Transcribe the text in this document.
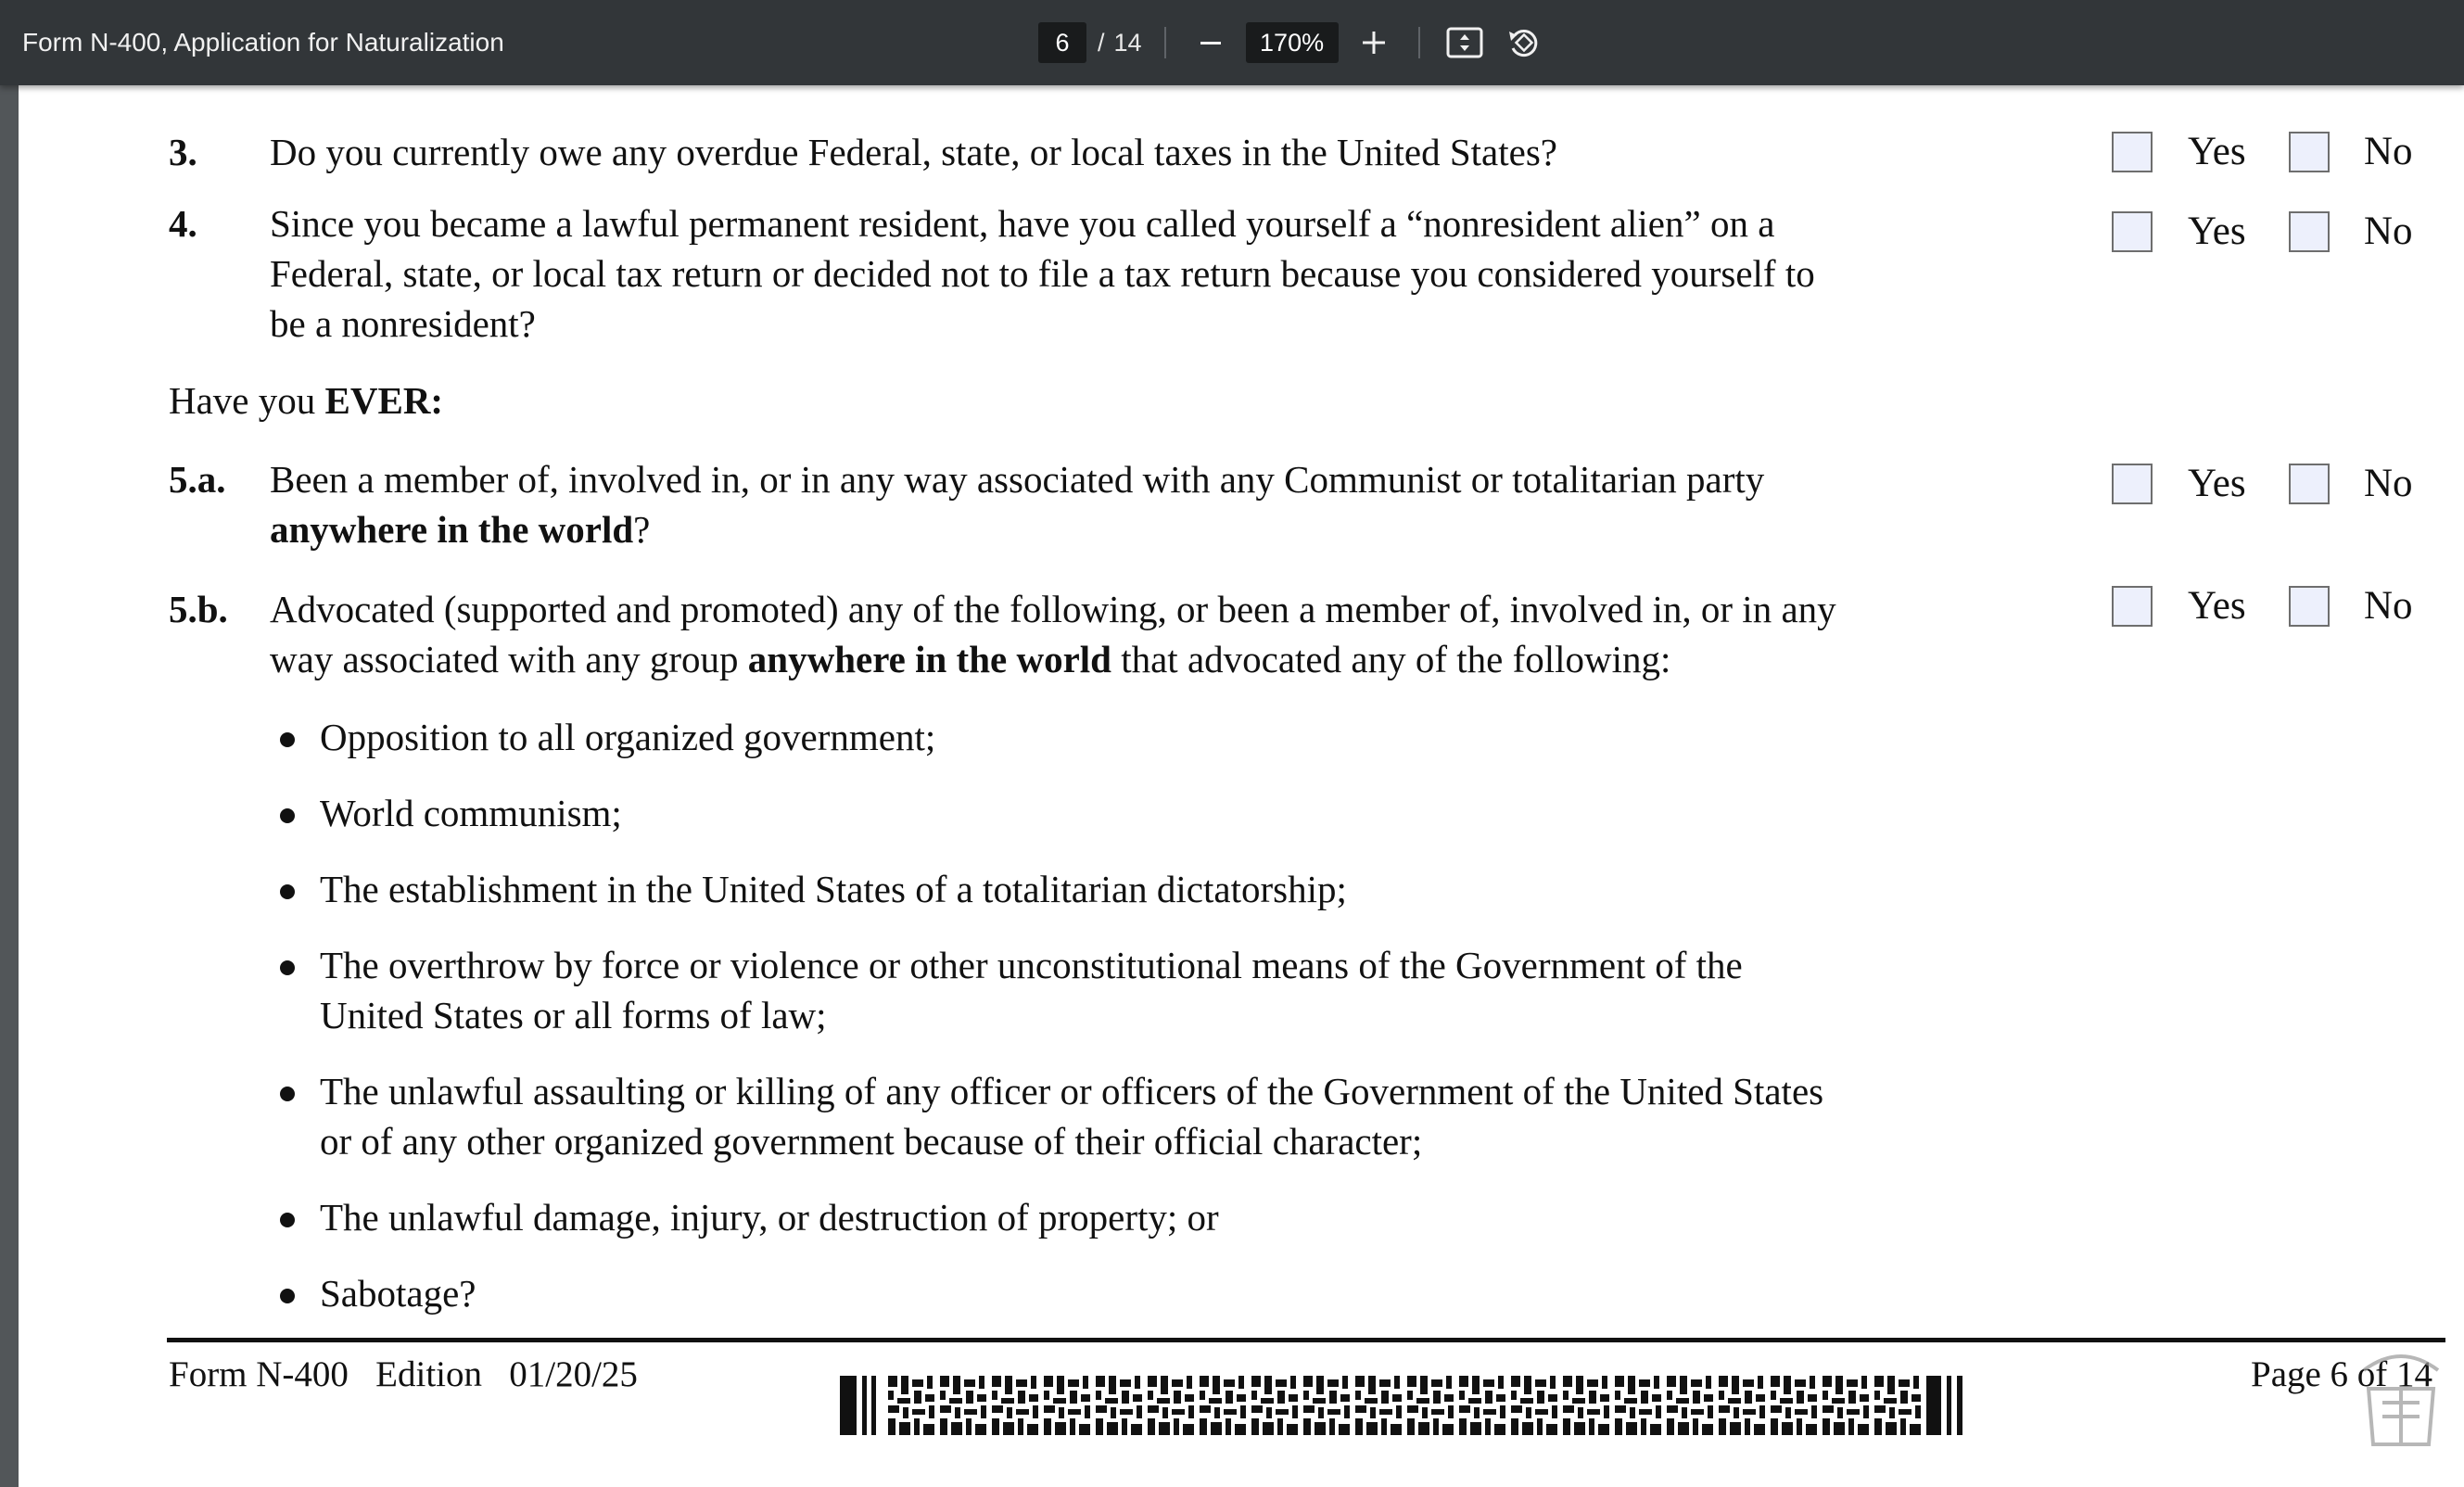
Form N-400, Application for Naturalization	6	/ 14	170%
3. Do you currently owe any overdue Federal, state, or local taxes in the United States?	Yes	No
4. Since you became a lawful permanent resident, have you called yourself a “nonresident alien” on a
Federal, state, or local tax return or decided not to file a tax return because you considered yourself to
be a nonresident?
Yes	No
Have you EVER:
5.a. Been a member of, involved in, or in any way associated with any Communist or totalitarian party
anywhere in the world?
Yes	No
5.b. Advocated (supported and promoted) any of the following, or been a member of, involved in, or in any
way associated with any group anywhere in the world that advocated any of the following:
Yes	No
Opposition to all organized government;
World communism;
The establishment in the United States of a totalitarian dictatorship;
The overthrow by force or violence or other unconstitutional means of the Government of the
United States or all forms of law;
The unlawful assaulting or killing of any officer or officers of the Government of the United States
or of any other organized government because of their official character;
The unlawful damage, injury, or destruction of property; or
Sabotage?
Form N-400   Edition   01/20/25	Page 6 of 14
